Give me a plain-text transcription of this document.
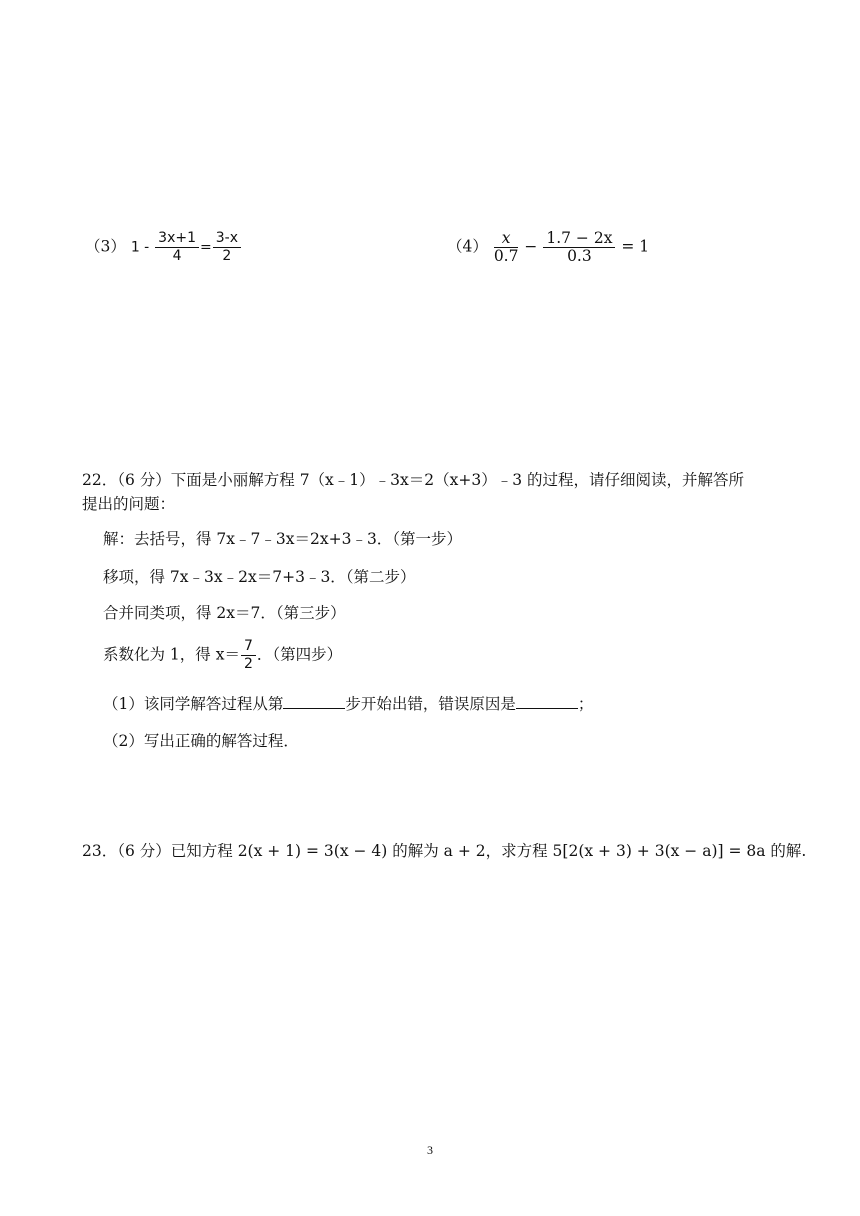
（3） $1 - \frac{3x+1}{4} = \frac{3-x}{2}$	$(4) \frac{x}{0.7} - \frac{1.7 - 2x}{0.3} = 1$
22．（6 分）下面是小丽解方程 7（x﹣1）﹣3x＝2（x+3）﹣3 的过程，请仔细阅读，并解答所
提出的问题：
解：去括号，得 7x﹣7﹣3x＝2x+3﹣3．（第一步）
移项，得 7x﹣3x﹣2x＝7+3﹣3．（第二步）
合并同类项，得 2x＝7．（第三步）
系数化为 1，得 $x= \frac{7}{2}$ ．（第四步）
（1）该同学解答过程从第	步开始出错，错误原因是	；
（2）写出正确的解答过程．
23．（6 分）已知方程 2(x + 1) = 3(x − 4) 的解为 a + 2，求方程 5[2(x + 3) + 3(x − a)] = 8a 的解.
3
